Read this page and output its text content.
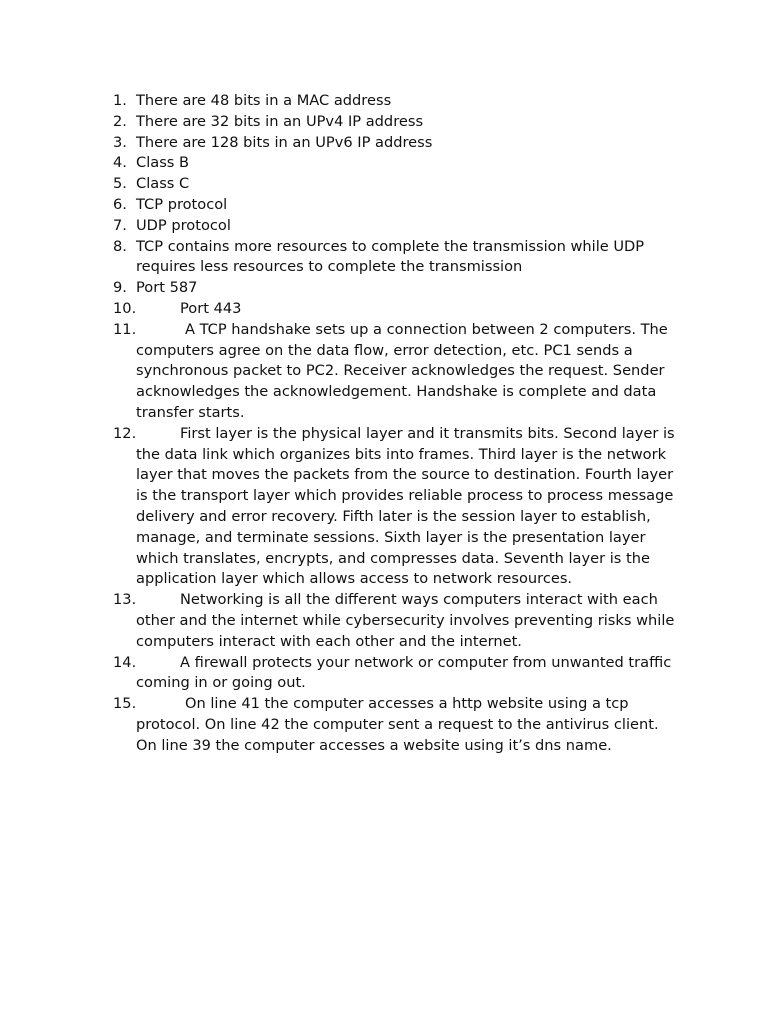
1. There are 48 bits in a MAC address
2. There are 32 bits in an UPv4 IP address
3. There are 128 bits in an UPv6 IP address
4. Class B
5. Class C
6. TCP protocol
7. UDP protocol
8. TCP contains more resources to complete the transmission while UDP requires less resources to complete the transmission
9. Port 587
10.	Port 443
11.	A TCP handshake sets up a connection between 2 computers. The computers agree on the data flow, error detection, etc. PC1 sends a synchronous packet to PC2. Receiver acknowledges the request. Sender acknowledges the acknowledgement. Handshake is complete and data transfer starts.
12.	First layer is the physical layer and it transmits bits. Second layer is the data link which organizes bits into frames. Third layer is the network layer that moves the packets from the source to destination. Fourth layer is the transport layer which provides reliable process to process message delivery and error recovery. Fifth later is the session layer to establish, manage, and terminate sessions. Sixth layer is the presentation layer which translates, encrypts, and compresses data. Seventh layer is the application layer which allows access to network resources.
13.	Networking is all the different ways computers interact with each other and the internet while cybersecurity involves preventing risks while computers interact with each other and the internet.
14.	A firewall protects your network or computer from unwanted traffic coming in or going out.
15.	On line 41 the computer accesses a http website using a tcp protocol. On line 42 the computer sent a request to the antivirus client. On line 39 the computer accesses a website using it’s dns name.
